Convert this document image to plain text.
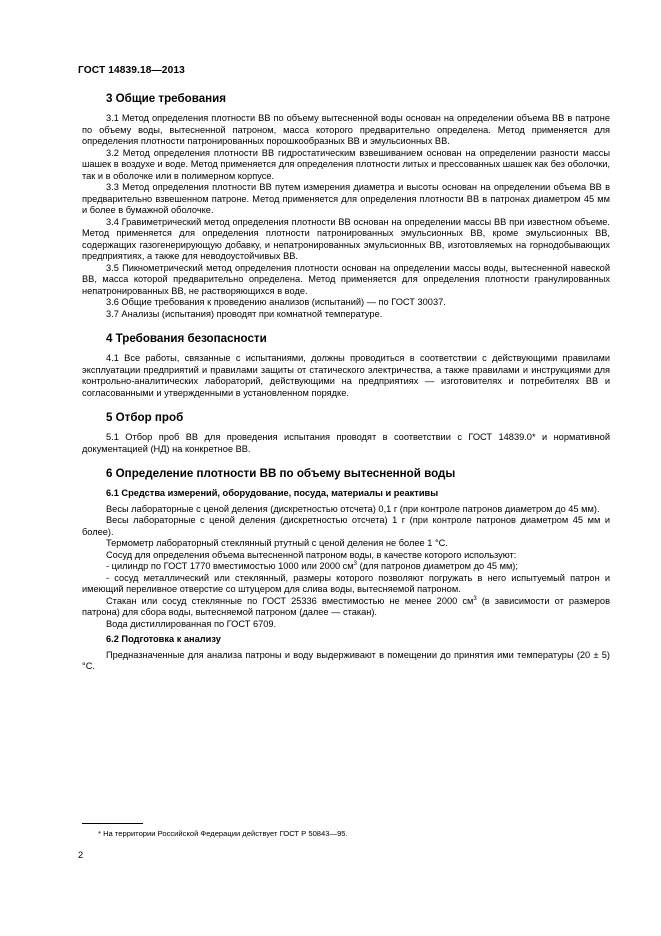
ГОСТ 14839.18—2013
3 Общие требования

3.1 Метод определения плотности ВВ по объему вытесненной воды основан на определении объема ВВ в патроне по объему воды, вытесненной патроном, масса которого предварительно определена. Метод применяется для определения плотности патронированных порошкообразных ВВ и эмульсионных ВВ.

3.2 Метод определения плотности ВВ гидростатическим взвешиванием основан на определении разности массы шашек в воздухе и воде. Метод применяется для определения плотности литых и прессованных шашек как без оболочки, так и в оболочке или в полимерном корпусе.

3.3 Метод определения плотности ВВ путем измерения диаметра и высоты основан на определении объема ВВ в предварительно взвешенном патроне. Метод применяется для определения плотности ВВ в патронах диаметром 45 мм и более в бумажной оболочке.

3.4 Гравиметрический метод определения плотности ВВ основан на определении массы ВВ при известном объеме. Метод применяется для определения плотности патронированных эмульсионных ВВ, кроме эмульсионных ВВ, содержащих газогенерирующую добавку, и непатронированных эмульсионных ВВ, изготовляемых на горнодобывающих предприятиях, а также для неводоустойчивых ВВ.

3.5 Пикнометрический метод определения плотности основан на определении массы воды, вытесненной навеской ВВ, масса которой предварительно определена. Метод применяется для определения плотности гранулированных непатронированных ВВ, не растворяющихся в воде.

3.6 Общие требования к проведению анализов (испытаний) — по ГОСТ 30037.

3.7 Анализы (испытания) проводят при комнатной температуре.

4 Требования безопасности

4.1 Все работы, связанные с испытаниями, должны проводиться в соответствии с действующими правилами эксплуатации предприятий и правилами защиты от статического электричества, а также правилами и инструкциями для контрольно-аналитических лабораторий, действующими на предприятиях — изготовителях и потребителях ВВ и согласованными и утвержденными в установленном порядке.

5 Отбор проб

5.1 Отбор проб ВВ для проведения испытания проводят в соответствии с ГОСТ 14839.0* и нормативной документацией (НД) на конкретное ВВ.

6 Определение плотности ВВ по объему вытесненной воды
6.1 Средства измерений, оборудование, посуда, материалы и реактивы

Весы лабораторные с ценой деления (дискретностью отсчета) 0,1 г (при контроле патронов диаметром до 45 мм).

Весы лабораторные с ценой деления (дискретностью отсчета) 1 г (при контроле патронов диаметром 45 мм и более).

Термометр лабораторный стеклянный ртутный с ценой деления не более 1 °С.

Сосуд для определения объема вытесненной патроном воды, в качестве которого используют:

- цилиндр по ГОСТ 1770 вместимостью 1000 или 2000 $см^3$ (для патронов диаметром до 45 мм);

- сосуд металлический или стеклянный, размеры которого позволяют погружать в него испытуемый патрон и имеющий переливное отверстие со штуцером для слива воды, вытесняемой патроном.

Стакан или сосуд стеклянные по ГОСТ 25336 вместимостью не менее 2000 $см^3$ (в зависимости от размеров патрона) для сбора воды, вытесняемой патроном (далее — стакан).

Вода дистиллированная по ГОСТ 6709.

6.2 Подготовка к анализу

Предназначенные для анализа патроны и воду выдерживают в помещении до принятия ими температуры (20 ± 5) °С.

* На территории Российской Федерации действует ГОСТ Р 50843—95.
2
